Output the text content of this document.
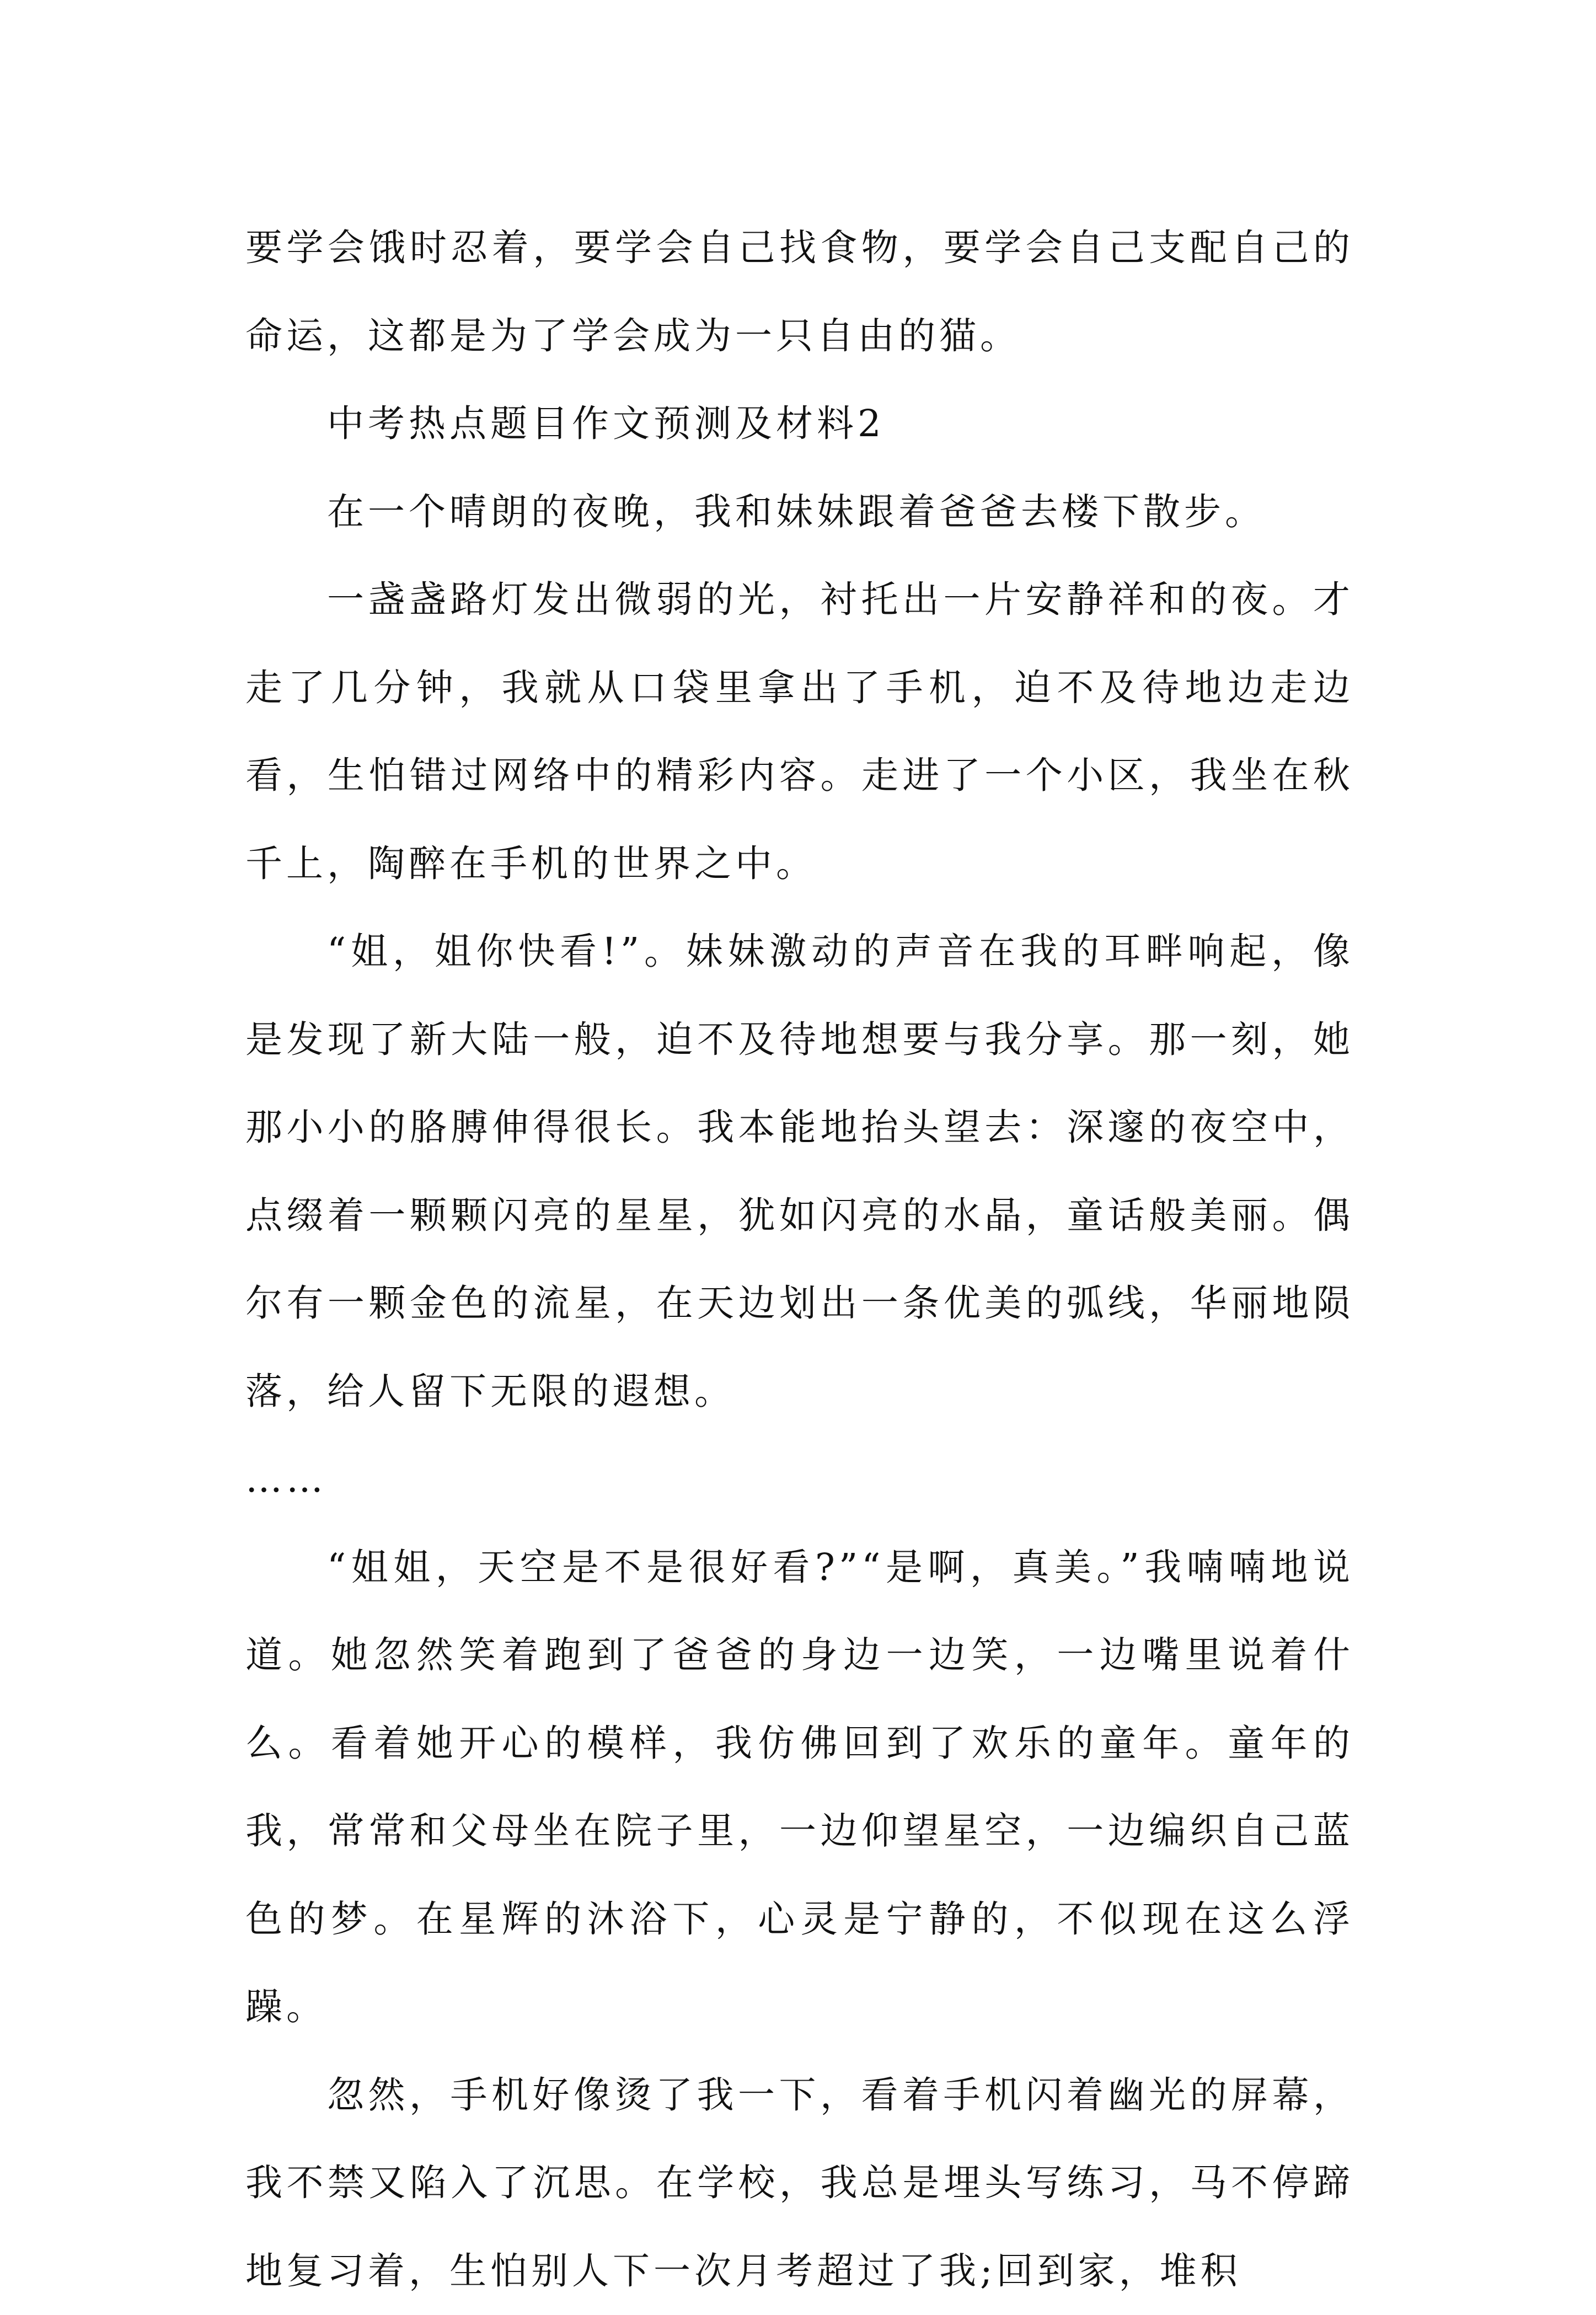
要学会饿时忍着，要学会自己找食物，要学会自己支配自己的命运，这都是为了学会成为一只自由的猫。

中考热点题目作文预测及材料2

在一个晴朗的夜晚，我和妹妹跟着爸爸去楼下散步。

一盏盏路灯发出微弱的光，衬托出一片安静祥和的夜。才走了几分钟，我就从口袋里拿出了手机，迫不及待地边走边看，生怕错过网络中的精彩内容。走进了一个小区，我坐在秋千上，陶醉在手机的世界之中。

“姐，姐你快看!”。妹妹激动的声音在我的耳畔响起，像是发现了新大陆一般，迫不及待地想要与我分享。那一刻，她那小小的胳膊伸得很长。我本能地抬头望去：深邃的夜空中，点缀着一颗颗闪亮的星星，犹如闪亮的水晶，童话般美丽。偶尔有一颗金色的流星，在天边划出一条优美的弧线，华丽地陨落，给人留下无限的遐想。

……

“姐姐，天空是不是很好看?”“是啊，真美。”我喃喃地说道。她忽然笑着跑到了爸爸的身边一边笑，一边嘴里说着什么。看着她开心的模样，我仿佛回到了欢乐的童年。童年的我，常常和父母坐在院子里，一边仰望星空，一边编织自己蓝色的梦。在星辉的沐浴下，心灵是宁静的，不似现在这么浮躁。

忽然，手机好像烫了我一下，看着手机闪着幽光的屏幕，我不禁又陷入了沉思。在学校，我总是埋头写练习，马不停蹄地复习着，生怕别人下一次月考超过了我;回到家，堆积
